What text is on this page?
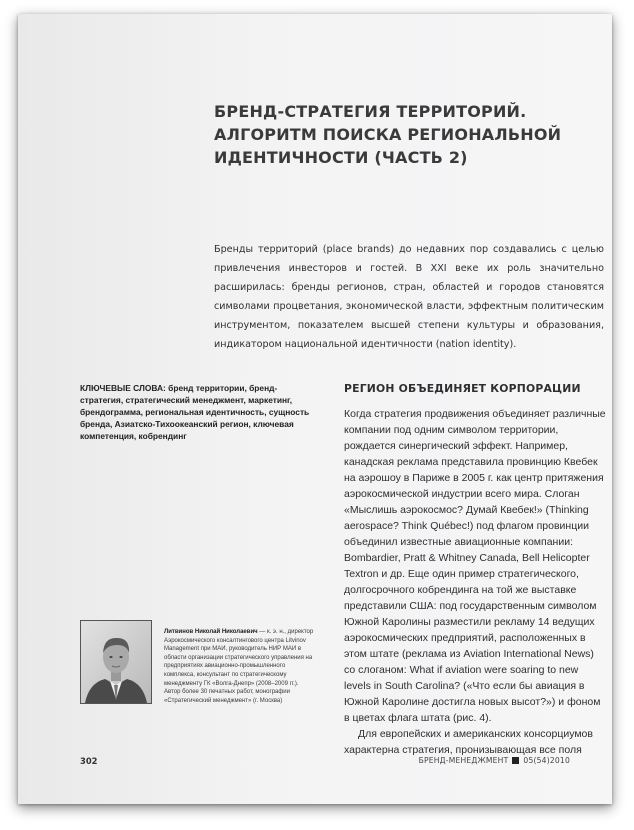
БРЕНД-СТРАТЕГИЯ ТЕРРИТОРИЙ. АЛГОРИТМ ПОИСКА РЕГИОНАЛЬНОЙ ИДЕНТИЧНОСТИ (ЧАСТЬ 2)

Бренды территорий (place brands) до недавних пор создавались с целью привлечения инвесторов и гостей. В XXI веке их роль значительно расширилась: бренды регионов, стран, областей и городов становятся символами процветания, экономической власти, эффектным политическим инструментом, показателем высшей степени культуры и образования, индикатором национальной идентичности (nation identity).

КЛЮЧЕВЫЕ СЛОВА: бренд территории, бренд-стратегия, стратегический менеджмент, маркетинг, брендограмма, региональная идентичность, сущность бренда, Азиатско-Тихоокеанский регион, ключевая компетенция, кобрендинг

РЕГИОН ОБЪЕДИНЯЕТ КОРПОРАЦИИ

Когда стратегия продвижения объединяет различные компании под одним символом территории, рождается синергический эффект. Например, канадская реклама представила провинцию Квебек на аэрошоу в Париже в 2005 г. как центр притяжения аэрокосмической индустрии всего мира. Слоган «Мыслишь аэрокосмос? Думай Квебек!» (Thinking aerospace? Think Québec!) под флагом провинции объединил известные авиационные компании: Bombardier, Pratt & Whitney Canada, Bell Helicopter Textron и др. Еще один пример стратегического, долгосрочного кобрендинга на той же выставке представили США: под государственным символом Южной Каролины разместили рекламу 14 ведущих аэрокосмических предприятий, расположенных в этом штате (реклама из Aviation International News) со слоганом: What if aviation were soaring to new levels in South Carolina? («Что если бы авиация в Южной Каролине достигла новых высот?») и фоном в цветах флага штата (рис. 4).

Для европейских и американских консорциумов характерна стратегия, пронизывающая все поля

Литвинов Николай Николаевич — к. э. н., директор Аэрокосмического консалтингового центра Litvinov Management при МАИ, руководитель НИР МАИ в области организации стратегического управления на предприятиях авиационно-промышленного комплекса, консультант по стратегическому менеджменту ГК «Волга-Днепр» (2008–2009 гг.). Автор более 30 печатных работ, монографии «Стратегический менеджмент» (г. Москва)

302	БРЕНД-МЕНЕДЖМЕНТ 05(54)2010
